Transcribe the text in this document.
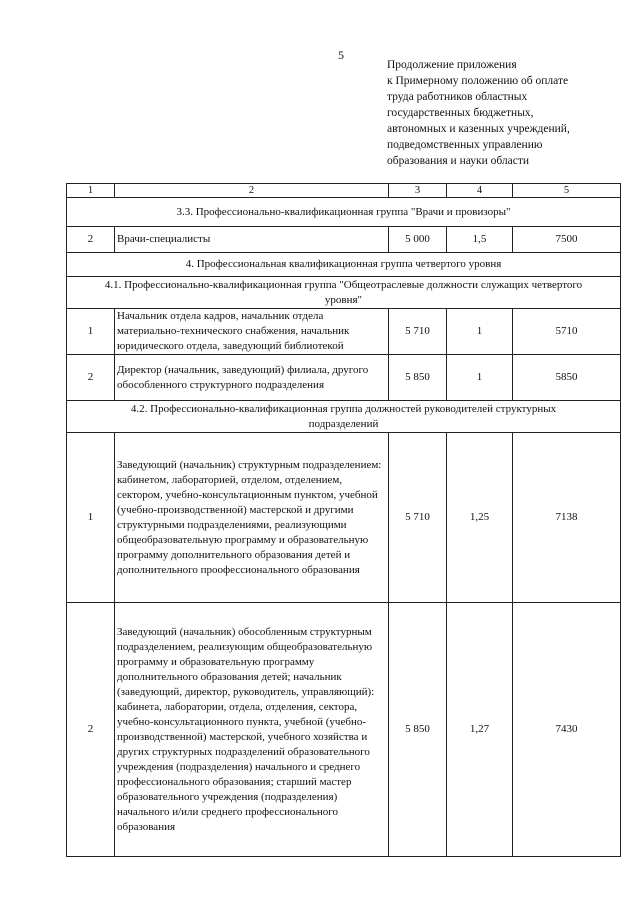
5
Продолжение приложения
к Примерному положению об оплате
труда работников областных
государственных бюджетных,
автономных и казенных учреждений,
подведомственных управлению
образования и науки области
1	2	3	4	5
3.3. Профессионально-квалификационная группа "Врачи и провизоры"				
2	Врачи-специалисты	5 000	1,5	7500
4. Профессиональная квалификационная группа четвертого уровня				
4.1. Профессионально-квалификационная группа "Общеотраслевые должности служащих четвертого уровня"				
1	Начальник отдела кадров, начальник отдела материально-технического снабжения, начальник юридического отдела, заведующий библиотекой	5 710	1	5710
2	Директор (начальник, заведующий) филиала, другого обособленного структурного подразделения	5 850	1	5850
4.2. Профессионально-квалификационная группа должностей руководителей структурных подразделений				
1	Заведующий (начальник) структурным подразделением: кабинетом, лабораторией, отделом, отделением, сектором, учебно-консультационным пунктом, учебной (учебно-производственной) мастерской и другими структурными подразделениями, реализующими общеобразовательную программу и образовательную программу дополнительного образования детей и дополнительного проофессионального образования	5 710	1,25	7138
2	Заведующий (начальник) обособленным структурным подразделением, реализующим общеобразовательную программу и образовательную программу дополнительного образования детей; начальник (заведующий, директор, руководитель, управляющий): кабинета, лаборатории, отдела, отделения, сектора, учебно-консультационного пункта, учебной (учебно-производственной) мастерской, учебного хозяйства и других структурных подразделений образовательного учреждения (подразделения) начального и среднего профессионального образования; старший мастер образовательного учреждения (подразделения) начального и/или среднего профессионального образования	5 850	1,27	7430
